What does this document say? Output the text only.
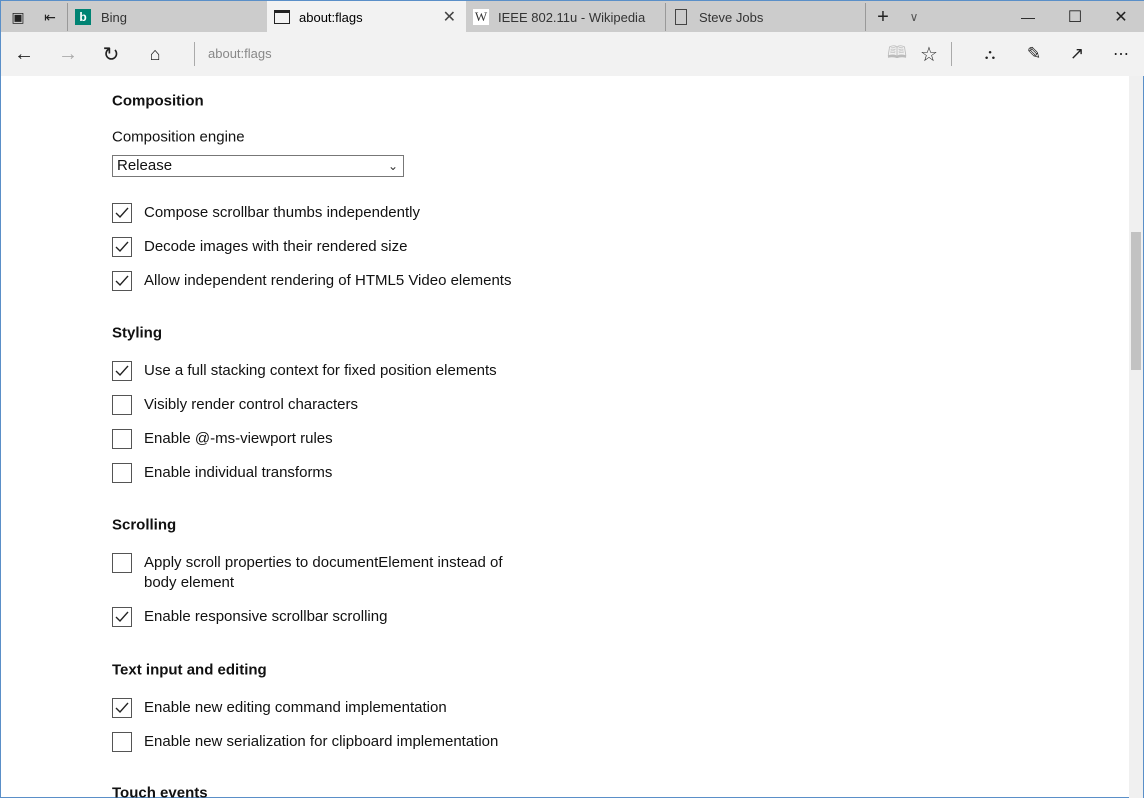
▣	⇤	b	Bing	about:flags	✕ W IEEE 802.11u - Wikipedia	Steve Jobs	+	∨	—	☐	✕
←	→	↻	⌂	about:flags	🕮 ☆	⛬	✎	↗	⋯
Composition
Composition engine
Release	⌄
Compose scrollbar thumbs independently
Decode images with their rendered size
Allow independent rendering of HTML5 Video elements
Use a full stacking context for fixed position elements
Visibly render control characters
Enable @-ms-viewport rules
Enable individual transforms
Apply scroll properties to documentElement instead of body element
Enable responsive scrollbar scrolling
Enable new editing command implementation
Enable new serialization for clipboard implementation
Styling
Scrolling
Text input and editing
Touch events
